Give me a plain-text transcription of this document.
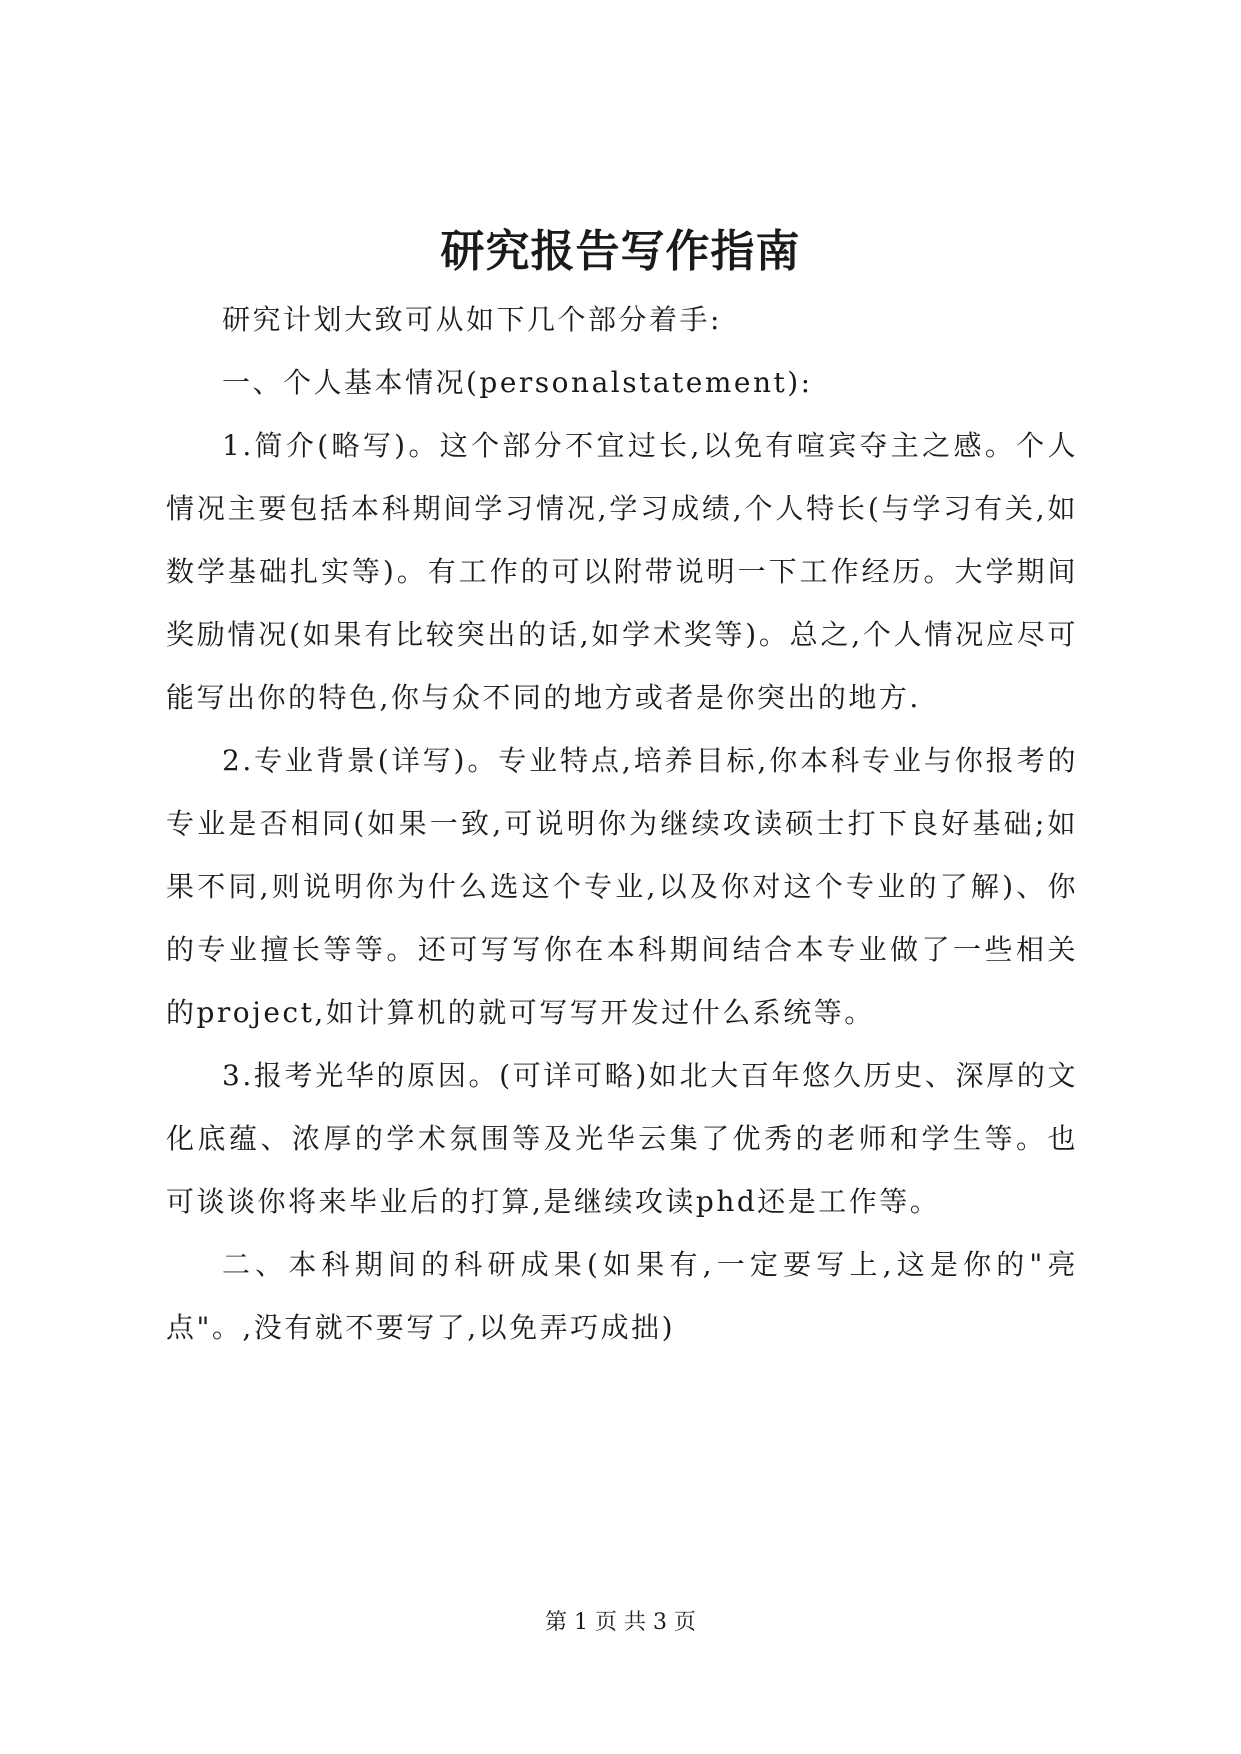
研究报告写作指南

研究计划大致可从如下几个部分着手:

一、个人基本情况(personalstatement):

1.简介(略写)。这个部分不宜过长,以免有喧宾夺主之感。个人情况主要包括本科期间学习情况,学习成绩,个人特长(与学习有关,如数学基础扎实等)。有工作的可以附带说明一下工作经历。大学期间奖励情况(如果有比较突出的话,如学术奖等)。总之,个人情况应尽可能写出你的特色,你与众不同的地方或者是你突出的地方.

2.专业背景(详写)。专业特点,培养目标,你本科专业与你报考的专业是否相同(如果一致,可说明你为继续攻读硕士打下良好基础;如果不同,则说明你为什么选这个专业,以及你对这个专业的了解)、你的专业擅长等等。还可写写你在本科期间结合本专业做了一些相关的project,如计算机的就可写写开发过什么系统等。

3.报考光华的原因。(可详可略)如北大百年悠久历史、深厚的文化底蕴、浓厚的学术氛围等及光华云集了优秀的老师和学生等。也可谈谈你将来毕业后的打算,是继续攻读phd还是工作等。

二、本科期间的科研成果(如果有,一定要写上,这是你的"亮点"。,没有就不要写了,以免弄巧成拙)

第 1 页 共 3 页
